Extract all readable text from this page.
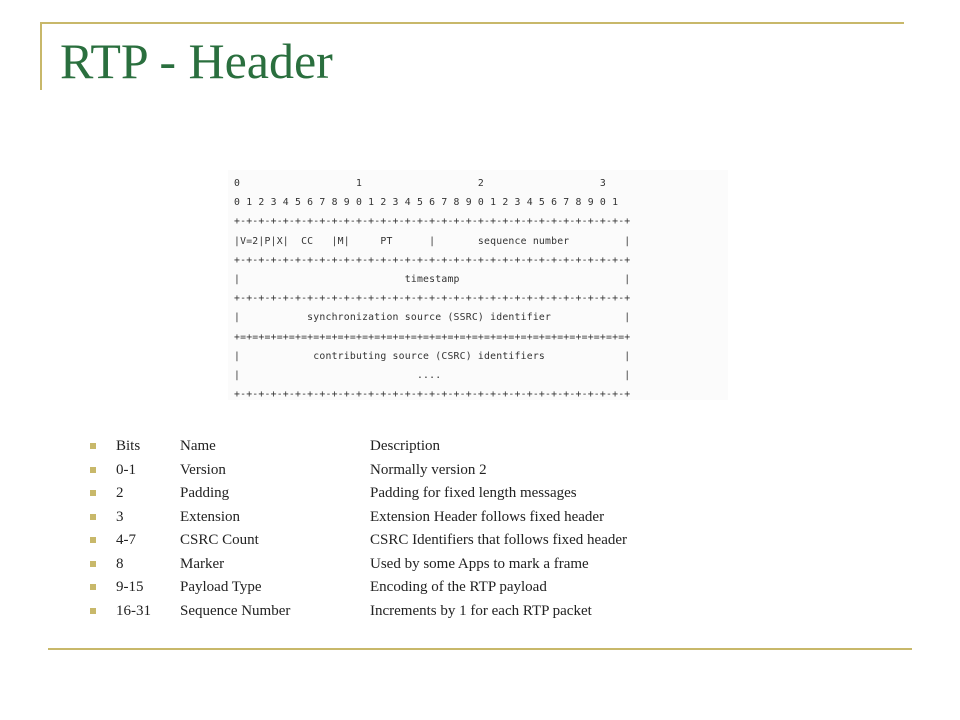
RTP - Header
0                   1                   2                   3
0 1 2 3 4 5 6 7 8 9 0 1 2 3 4 5 6 7 8 9 0 1 2 3 4 5 6 7 8 9 0 1
+-+-+-+-+-+-+-+-+-+-+-+-+-+-+-+-+-+-+-+-+-+-+-+-+-+-+-+-+-+-+-+-+
|V=2|P|X|  CC   |M|     PT      |       sequence number         |
+-+-+-+-+-+-+-+-+-+-+-+-+-+-+-+-+-+-+-+-+-+-+-+-+-+-+-+-+-+-+-+-+
|                           timestamp                           |
+-+-+-+-+-+-+-+-+-+-+-+-+-+-+-+-+-+-+-+-+-+-+-+-+-+-+-+-+-+-+-+-+
|           synchronization source (SSRC) identifier            |
+=+=+=+=+=+=+=+=+=+=+=+=+=+=+=+=+=+=+=+=+=+=+=+=+=+=+=+=+=+=+=+=+
|            contributing source (CSRC) identifiers             |
|                             ....                              |
+-+-+-+-+-+-+-+-+-+-+-+-+-+-+-+-+-+-+-+-+-+-+-+-+-+-+-+-+-+-+-+-+
Bits	Name	Description
0-1	Version	Normally version 2
2	Padding	Padding for fixed length messages
3	Extension	Extension Header follows fixed header
4-7	CSRC Count	CSRC Identifiers that follows fixed header
8	Marker	Used by some Apps to mark a frame
9-15 Payload Type	Encoding of the RTP payload
16-31 Sequence Number	Increments by 1 for each RTP packet
